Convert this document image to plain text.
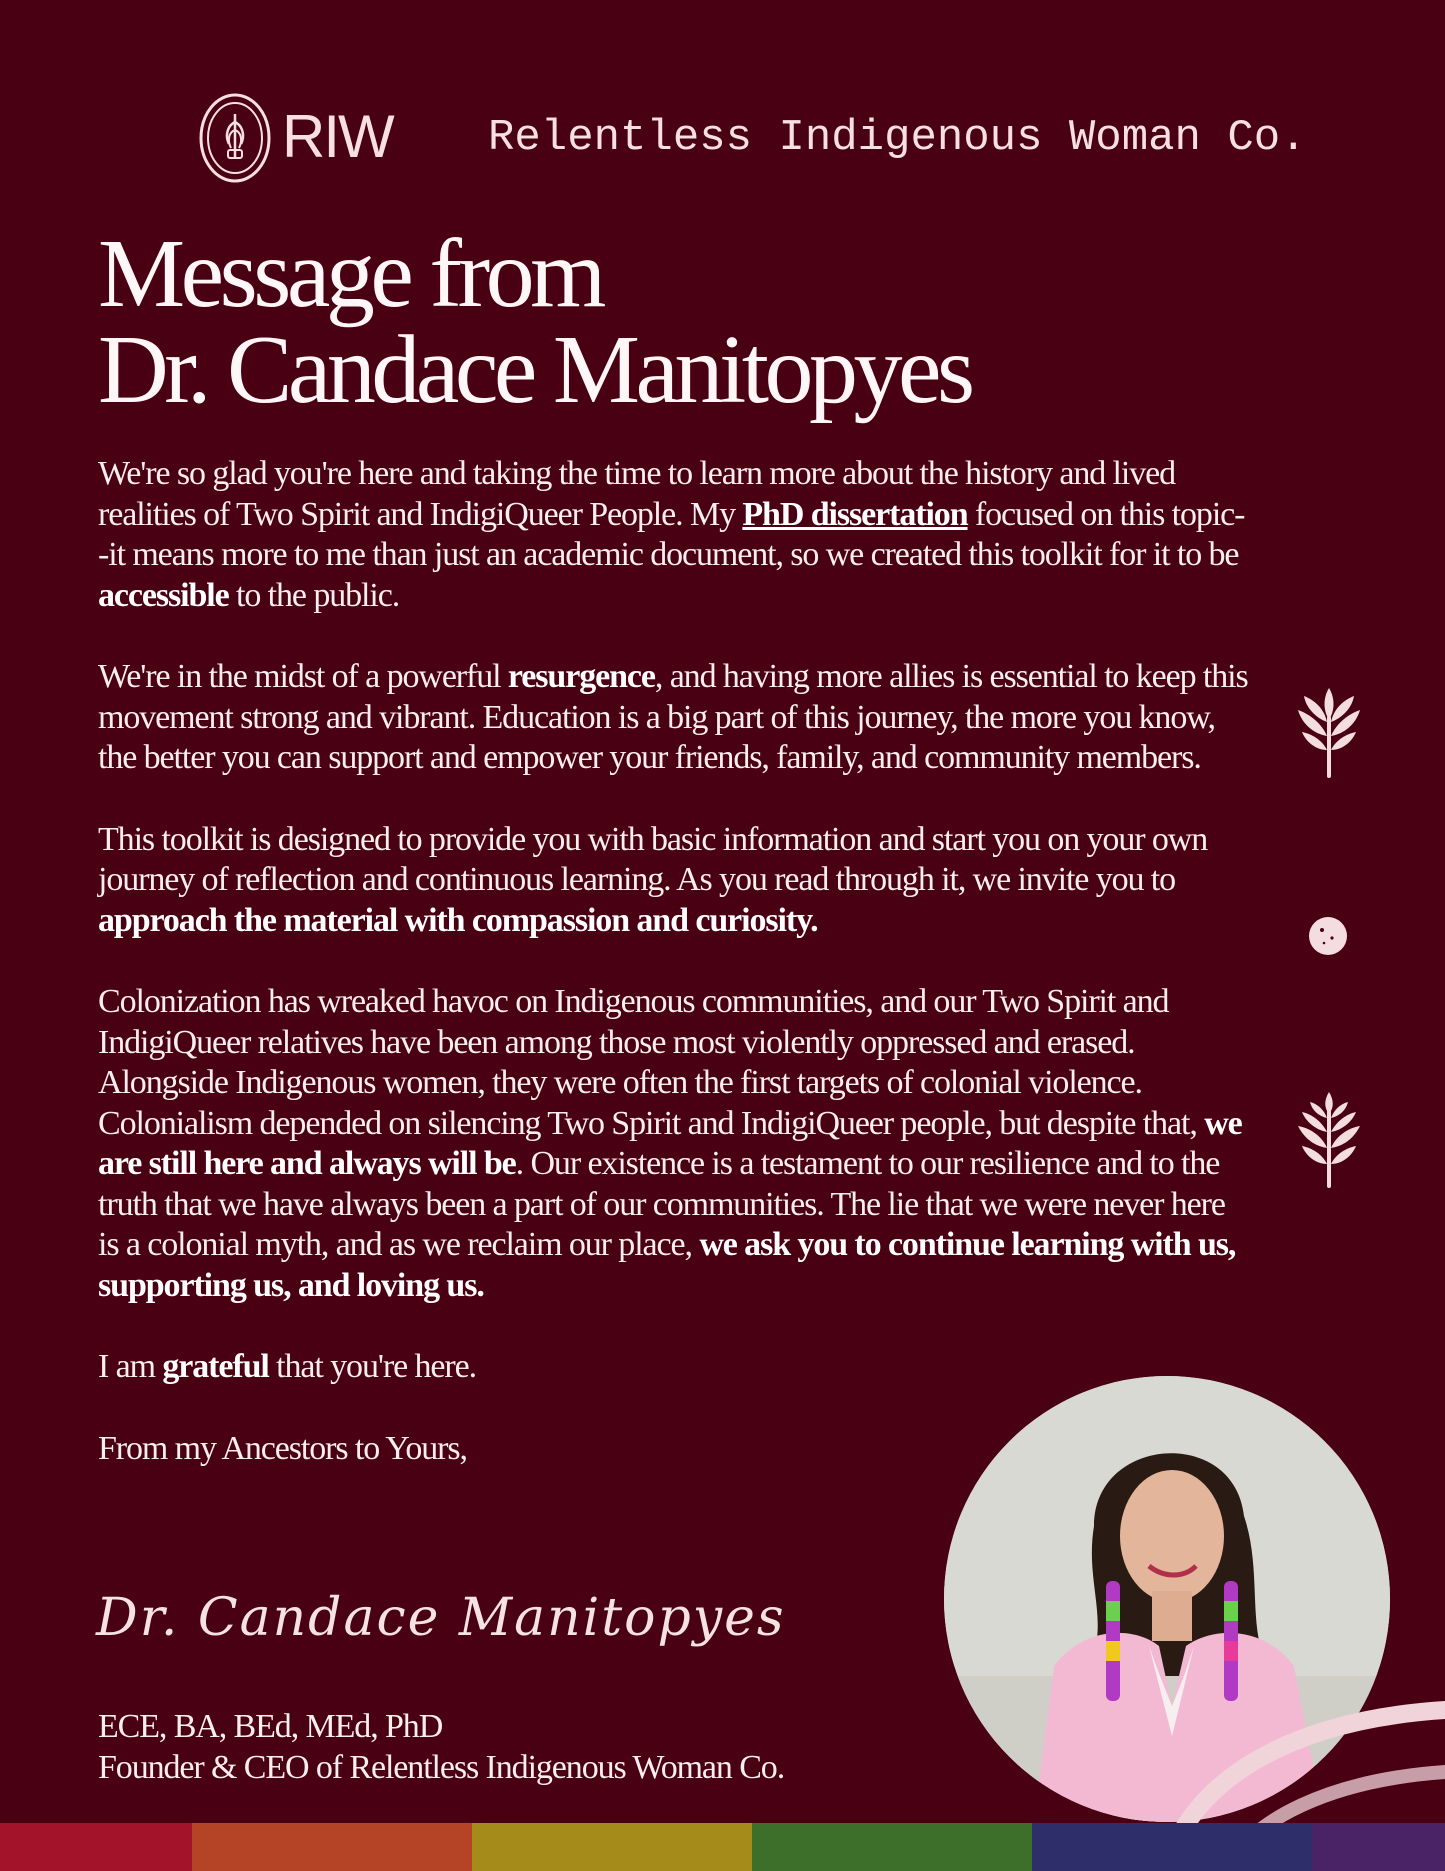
RIW Relentless Indigenous Woman Co.
Message from
Dr. Candace Manitopyes

We're so glad you're here and taking the time to learn more about the history and lived realities of Two Spirit and IndigiQueer People. My PhD dissertation focused on this topic--it means more to me than just an academic document, so we created this toolkit for it to be accessible to the public.

We're in the midst of a powerful resurgence, and having more allies is essential to keep this movement strong and vibrant. Education is a big part of this journey, the more you know, the better you can support and empower your friends, family, and community members.

This toolkit is designed to provide you with basic information and start you on your own journey of reflection and continuous learning. As you read through it, we invite you to approach the material with compassion and curiosity.

Colonization has wreaked havoc on Indigenous communities, and our Two Spirit and IndigiQueer relatives have been among those most violently oppressed and erased. Alongside Indigenous women, they were often the first targets of colonial violence. Colonialism depended on silencing Two Spirit and IndigiQueer people, but despite that, we are still here and always will be. Our existence is a testament to our resilience and to the truth that we have always been a part of our communities. The lie that we were never here is a colonial myth, and as we reclaim our place, we ask you to continue learning with us, supporting us, and loving us.

I am grateful that you're here.

From my Ancestors to Yours,

Dr. Candace Manitopyes
ECE, BA, BEd, MEd, PhD
Founder & CEO of Relentless Indigenous Woman Co.
